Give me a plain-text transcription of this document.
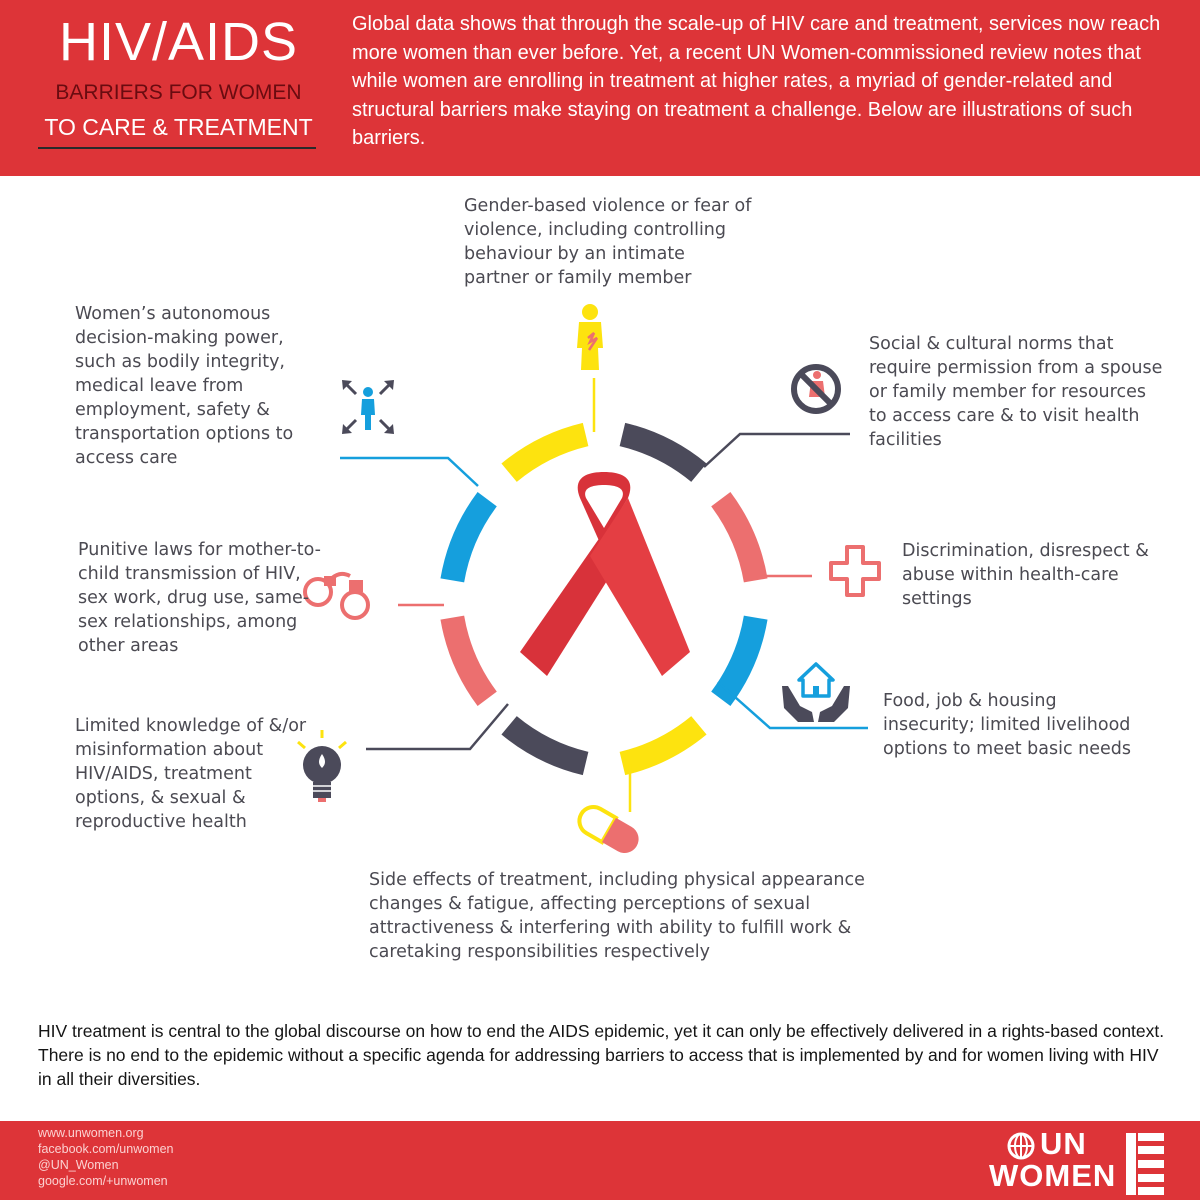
HIV/AIDS
BARRIERS FOR WOMEN
TO CARE & TREATMENT
Global data shows that through the scale-up of HIV care and treatment, services now reach more women than ever before. Yet, a recent UN Women-commissioned review notes that while women are enrolling in treatment at higher rates, a myriad of gender-related and structural barriers make staying on treatment a challenge. Below are illustrations of such barriers.
Gender-based violence or fear of violence, including controlling behaviour by an intimate partner or family member
Social & cultural norms that require permission from a spouse or family member for resources to access care & to visit health facilities
Discrimination, disrespect & abuse within health-care settings
Food, job & housing insecurity; limited livelihood options to meet basic needs
Side effects of treatment, including physical appearance changes & fatigue, affecting perceptions of sexual attractiveness & interfering with ability to fulfill work & caretaking responsibilities respectively
Limited knowledge of &/or misinformation about HIV/AIDS, treatment options, & sexual & reproductive health
Punitive laws for mother-to-child transmission of HIV, sex work, drug use, same-sex relationships, among other areas
Women’s autonomous decision-making power, such as bodily integrity, medical leave from employment, safety & transportation options to access care
HIV treatment is central to the global discourse on how to end the AIDS epidemic, yet it can only be effectively delivered in a rights-based context. There is no end to the epidemic without a specific agenda for addressing barriers to access that is implemented by and for women living with HIV in all their diversities.
www.unwomen.org
facebook.com/unwomen
@UN_Women
google.com/+unwomen
UN
WOMEN
